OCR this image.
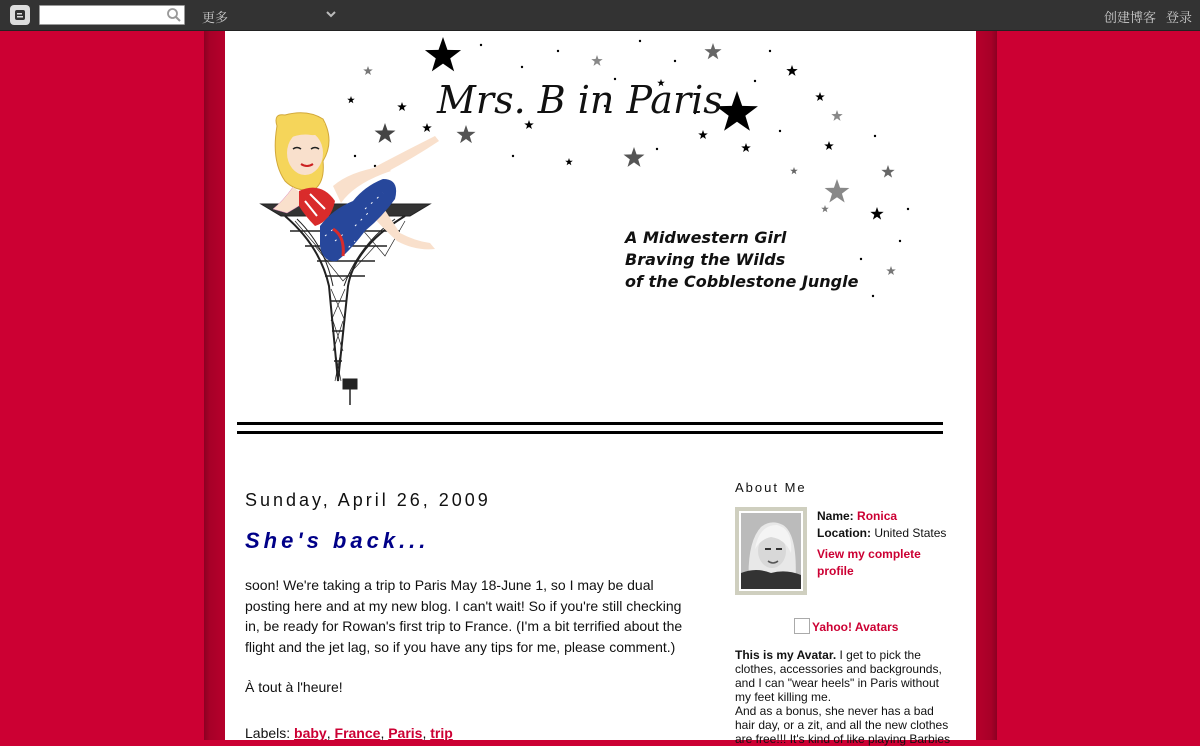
更多	创建博客 登录
Mrs. B in Paris
A Midwestern Girl
Braving the Wilds
of the Cobblestone Jungle
Sunday, April 26, 2009
She's back...

soon! We're taking a trip to Paris May 18-June 1, so I may be dual posting here and at my new blog. I can't wait! So if you're still checking in, be ready for Rowan's first trip to France. (I'm a bit terrified about the flight and the jet lag, so if you have any tips for me, please comment.)

À tout à l'heure!

Labels: baby, France, Paris, trip
About Me
Name: Ronica
Location: United States
View my complete profile
Yahoo! Avatars

This is my Avatar. I get to pick the clothes, accessories and backgrounds, and I can "wear heels" in Paris without my feet killing me.

And as a bonus, she never has a bad hair day, or a zit, and all the new clothes are free!!! It's kind of like playing Barbies
